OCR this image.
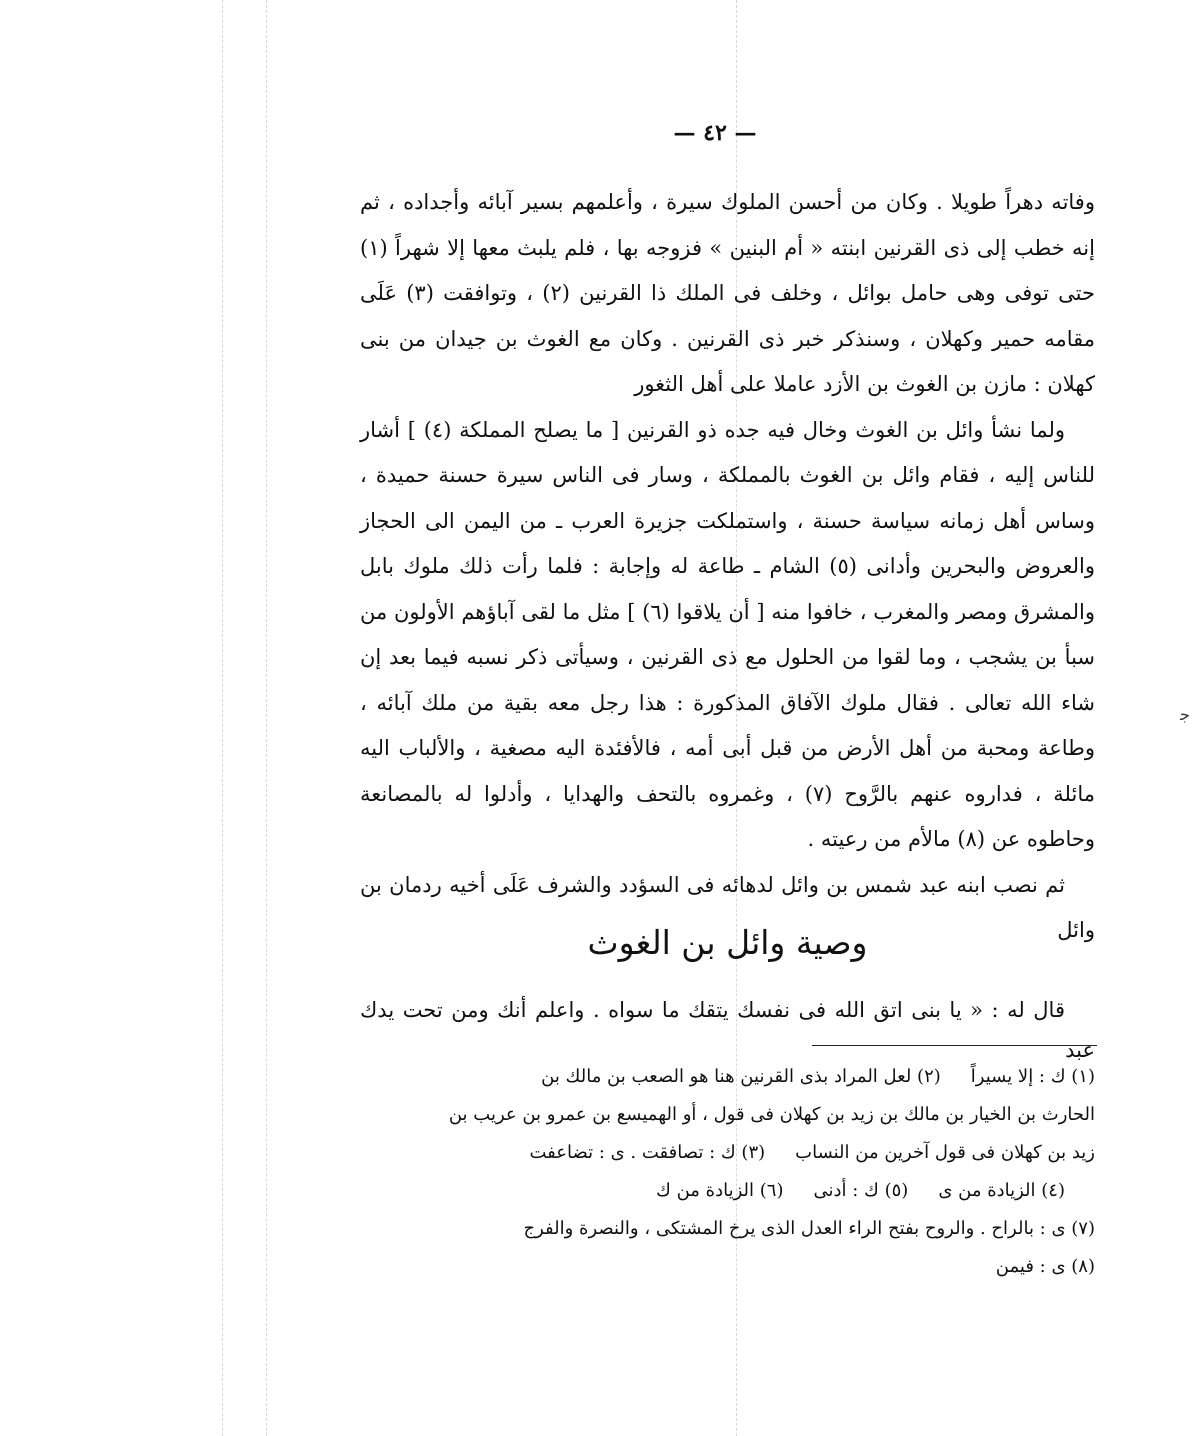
— ٤٢ —

وفاته دهراً طويلا . وكان من أحسن الملوك سيرة ، وأعلمهم بسير آبائه وأجداده ، ثم إنه خطب إلى ذى القرنين ابنته « أم البنين » فزوجه بها ، فلم يلبث معها إلا شهراً (١) حتى توفى وهى حامل بوائل ، وخلف فى الملك ذا القرنين (٢) ، وتوافقت (٣) عَلَى مقامه حمير وكهلان ، وسنذكر خبر ذى القرنين . وكان مع الغوث بن جيدان من بنى كهلان : مازن بن الغوث بن الأزد عاملا على أهل الثغور

ولما نشأ وائل بن الغوث وخال فيه جده ذو القرنين [ ما يصلح المملكة (٤) ] أشار للناس إليه ، فقام وائل بن الغوث بالمملكة ، وسار فى الناس سيرة حسنة حميدة ، وساس أهل زمانه سياسة حسنة ، واستملكت جزيرة العرب ـ من اليمن الى الحجاز والعروض والبحرين وأدانى (٥) الشام ـ طاعة له وإجابة : فلما رأت ذلك ملوك بابل والمشرق ومصر والمغرب ، خافوا منه [ أن يلاقوا (٦) ] مثل ما لقى آباؤهم الأولون من سبأ بن يشجب ، وما لقوا من الحلول مع ذى القرنين ، وسيأتى ذكر نسبه فيما بعد إن شاء الله تعالى . فقال ملوك الآفاق المذكورة : هذا رجل معه بقية من ملك آبائه ، وطاعة ومحبة من أهل الأرض من قبل أبى أمه ، فالأفئدة اليه مصغية ، والألباب اليه مائلة ، فداروه عنهم بالرَّوح (٧) ، وغمروه بالتحف والهدايا ، وأدلوا له بالمصانعة وحاطوه عن (٨) مالأم من رعيته .

ثم نصب ابنه عبد شمس بن وائل لدهائه فى السؤدد والشرف عَلَى أخيه ردمان بن وائل

وصية وائل بن الغوث
قال له : « يا بنى اتق الله فى نفسك يتقك ما سواه . واعلم أنك ومن تحت يدك عبد

(١) ك : إلا يسيراً(٢) لعل المراد بذى القرنين هنا هو الصعب بن مالك بن

الحارث بن الخيار بن مالك بن زيد بن كهلان فى قول ، أو الهميسع بن عمرو بن عريب بن

زيد بن كهلان فى قول آخرين من النساب(٣) ك : تصافقت . ى : تضاعفت

(٤) الزيادة من ى(٥) ك : أدنى(٦) الزيادة من ك

(٧) ى : بالراح . والروح بفتح الراء العدل الذى يرخ المشتكى ، والنصرة والفرج

(٨) ى : فيمن

ﺟ
